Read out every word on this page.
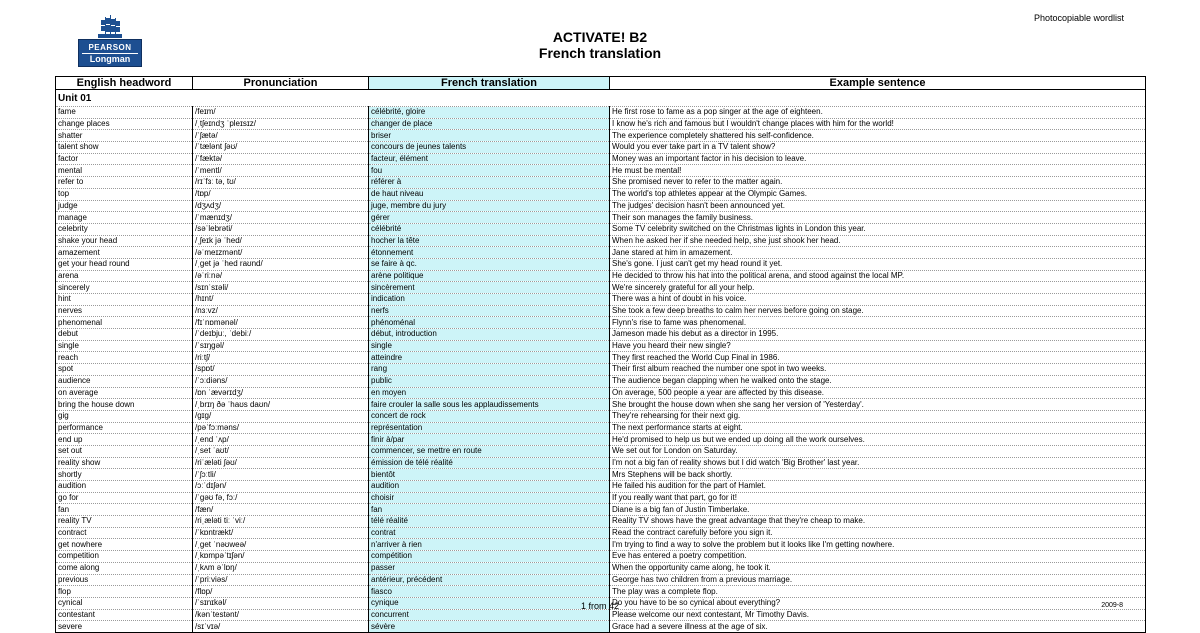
Photocopiable wordlist
PEARSON
Longman
ACTIVATE! B2
French translation
English headword	Pronunciation	French translation	Example sentence
Unit 01			
fame	/feɪm/	célébrité, gloire	He first rose to fame as a pop singer at the age of eighteen.
change places	/ˌtʃeɪndʒ ˈpleɪsɪz/	changer de place	I know he's rich and famous but I wouldn't change places with him for the world!
shatter	/ˈʃætə/	briser	The experience completely shattered his self-confidence.
talent show	/ˈtælənt ʃəʊ/	concours de jeunes talents	Would you ever take part in a TV talent show?
factor	/ˈfæktə/	facteur, élément	Money was an important factor in his decision to leave.
mental	/ˈmentl/	fou	He must be mental!
refer to	/rɪˈfɜː tə, tʊ/	référer à	She promised never to refer to the matter again.
top	/tɒp/	de haut niveau	The world's top athletes appear at the Olympic Games.
judge	/dʒʌdʒ/	juge, membre du jury	The judges' decision hasn't been announced yet.
manage	/ˈmænɪdʒ/	gérer	Their son manages the family business.
celebrity	/səˈlebrəti/	célébrité	Some TV celebrity switched on the Christmas lights in London this year.
shake your head	/ˌʃeɪk jə ˈhed/	hocher la tête	When he asked her if she needed help, she just shook her head.
amazement	/əˈmeɪzmənt/	étonnement	Jane stared at him in amazement.
get your head round	/ˌɡet jə ˈhed raʊnd/	se faire à qc.	She's gone. I just can't get my head round it yet.
arena	/əˈriːnə/	arène politique	He decided to throw his hat into the political arena, and stood against the local MP.
sincerely	/sɪnˈsɪəli/	sincèrement	We're sincerely grateful for all your help.
hint	/hɪnt/	indication	There was a hint of doubt in his voice.
nerves	/nɜːvz/	nerfs	She took a few deep breaths to calm her nerves before going on stage.
phenomenal	/fɪˈnɒmənəl/	phénoménal	Flynn's rise to fame was phenomenal.
debut	/ˈdeɪbjuː, ˈdebiː/	début, introduction	Jameson made his debut as a director in 1995.
single	/ˈsɪŋɡəl/	single	Have you heard their new single?
reach	/riːtʃ/	atteindre	They first reached the World Cup Final in 1986.
spot	/spɒt/	rang	Their first album reached the number one spot in two weeks.
audience	/ˈɔːdiəns/	public	The audience began clapping when he walked onto the stage.
on average	/ɒn ˈævərɪdʒ/	en moyen	On average, 500 people a year are affected by this disease.
bring the house down	/ˌbrɪŋ ðə ˈhaʊs daʊn/	faire crouler la salle sous les applaudissements	She brought the house down when she sang her version of 'Yesterday'.
gig	/ɡɪɡ/	concert de rock	They're rehearsing for their next gig.
performance	/pəˈfɔːməns/	représentation	The next performance starts at eight.
end up	/ˌend ˈʌp/	finir à/par	He'd promised to help us but we ended up doing all the work ourselves.
set out	/ˌset ˈaʊt/	commencer, se mettre en route	We set out for London on Saturday.
reality show	/riˈæləti ʃəʊ/	émission de télé réalité	I'm not a big fan of reality shows but I did watch 'Big Brother' last year.
shortly	/ˈʃɔːtli/	bientôt	Mrs Stephens will be back shortly.
audition	/ɔːˈdɪʃən/	audition	He failed his audition for the part of Hamlet.
go for	/ˈɡəʊ fə, fɔː/	choisir	If you really want that part, go for it!
fan	/fæn/	fan	Diane is a big fan of Justin Timberlake.
reality TV	/riˌæləti tiː ˈviː/	télé réalité	Reality TV shows have the great advantage that they're cheap to make.
contract	/ˈkɒntrækt/	contrat	Read the contract carefully before you sign it.
get nowhere	/ˌɡet ˈnəʊweə/	n'arriver à rien	I'm trying to find a way to solve the problem but it looks like I'm getting nowhere.
competition	/ˌkɒmpəˈtɪʃən/	compétition	Eve has entered a poetry competition.
come along	/ˌkʌm əˈlɒŋ/	passer	When the opportunity came along, he took it.
previous	/ˈpriːviəs/	antérieur, précédent	George has two children from a previous marriage.
flop	/flɒp/	fiasco	The play was a complete flop.
cynical	/ˈsɪnɪkəl/	cynique	Do you have to be so cynical about everything?
contestant	/kənˈtestənt/	concurrent	Please welcome our next contestant, Mr Timothy Davis.
severe	/sɪˈvɪə/	sévère	Grace had a severe illness at the age of six.
1 from 42	2009-8
